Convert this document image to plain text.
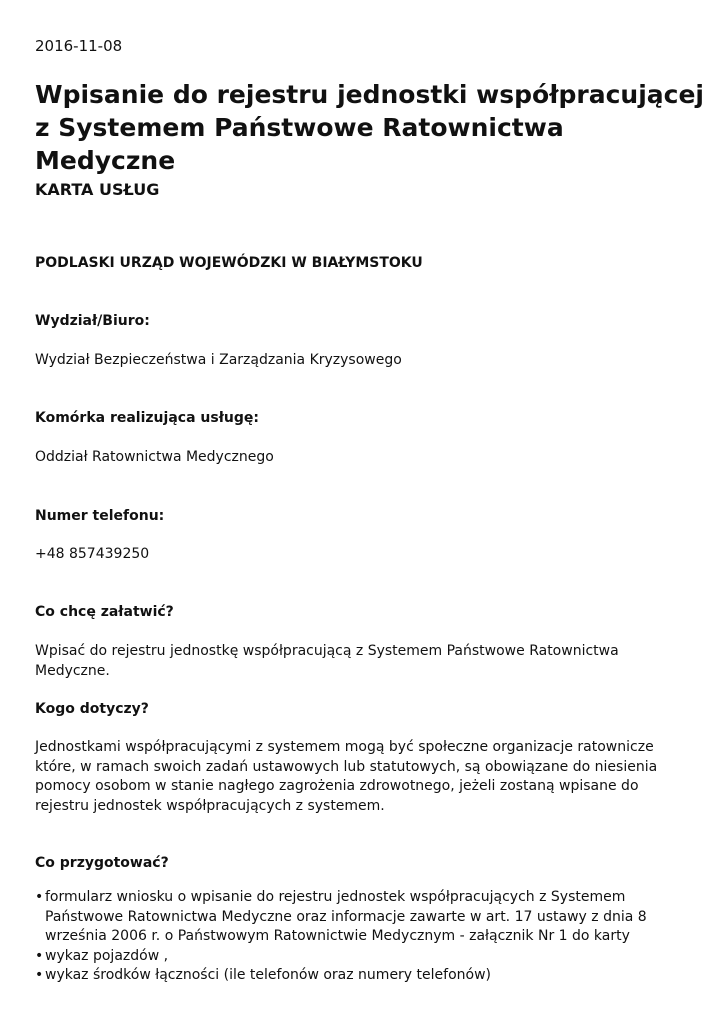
2016-11-08
Wpisanie do rejestru jednostki współpracującej z Systemem Państwowe Ratownictwa Medyczne
KARTA USŁUG
PODLASKI URZĄD WOJEWÓDZKI W BIAŁYMSTOKU
Wydział/Biuro:
Wydział Bezpieczeństwa i Zarządzania Kryzysowego
Komórka realizująca usługę:
Oddział Ratownictwa Medycznego
Numer telefonu:
+48 857439250
Co chcę załatwić?
Wpisać do rejestru jednostkę współpracującą z Systemem Państwowe Ratownictwa Medyczne.
Kogo dotyczy?
Jednostkami współpracującymi z systemem mogą być społeczne organizacje ratownicze które, w ramach swoich zadań ustawowych lub statutowych, są obowiązane do niesienia pomocy osobom w stanie nagłego zagrożenia zdrowotnego, jeżeli zostaną wpisane do rejestru jednostek współpracujących z systemem.
Co przygotować?
• formularz wniosku o wpisanie do rejestru jednostek współpracujących z Systemem Państwowe Ratownictwa Medyczne oraz informacje zawarte w art. 17 ustawy z dnia 8 września 2006 r. o Państwowym Ratownictwie Medycznym - załącznik Nr 1 do karty
• wykaz pojazdów ,
• wykaz środków łączności (ile telefonów oraz numery telefonów)
